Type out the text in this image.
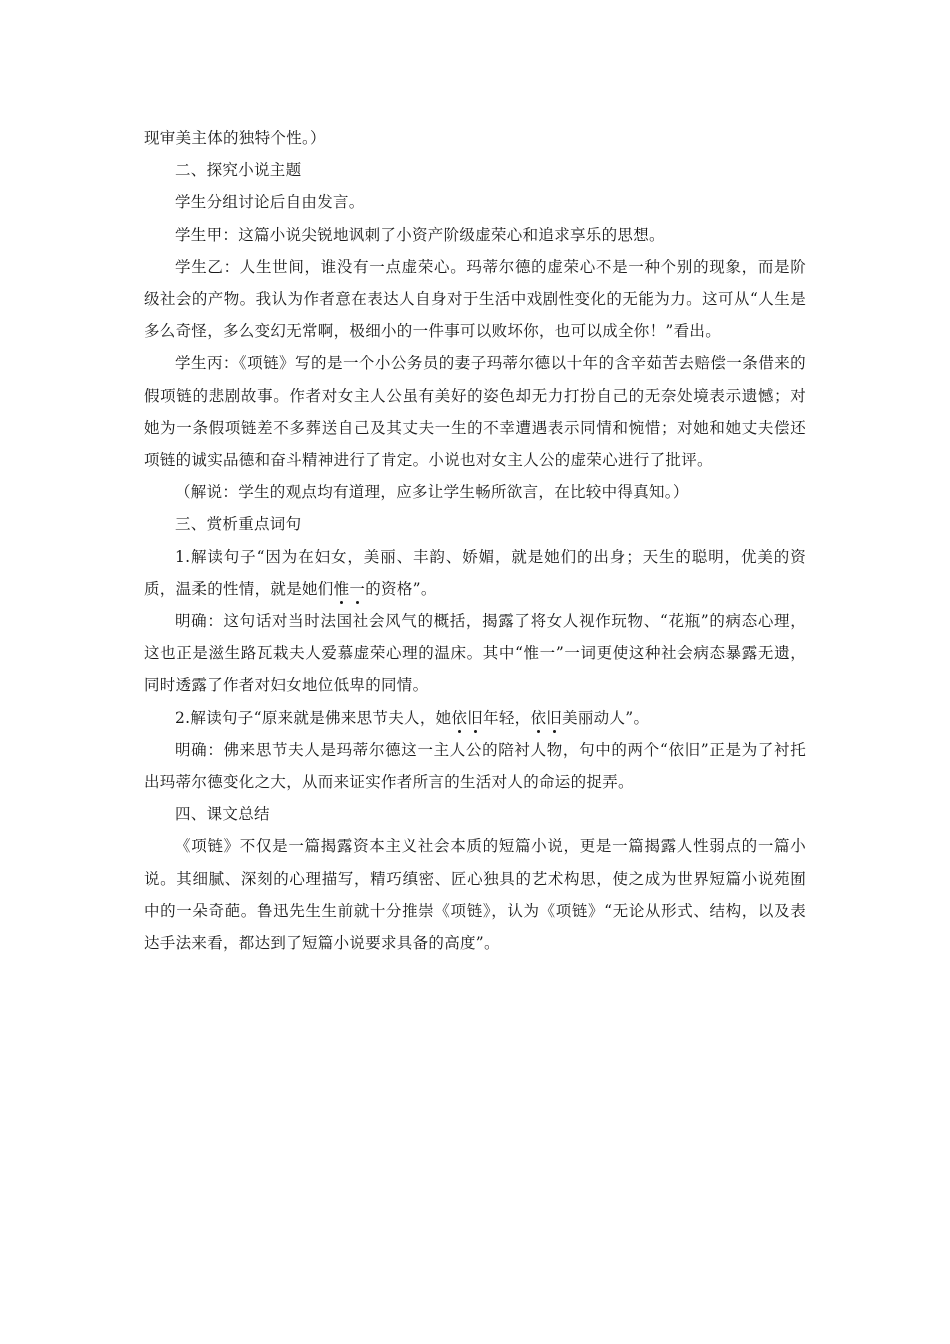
现审美主体的独特个性。）

二、探究小说主题

学生分组讨论后自由发言。

学生甲：这篇小说尖锐地讽刺了小资产阶级虚荣心和追求享乐的思想。

学生乙：人生世间，谁没有一点虚荣心。玛蒂尔德的虚荣心不是一种个别的现象，而是阶级社会的产物。我认为作者意在表达人自身对于生活中戏剧性变化的无能为力。这可从“人生是多么奇怪，多么变幻无常啊，极细小的一件事可以败坏你，也可以成全你！”看出。

学生丙：《项链》写的是一个小公务员的妻子玛蒂尔德以十年的含辛茹苦去赔偿一条借来的假项链的悲剧故事。作者对女主人公虽有美好的姿色却无力打扮自己的无奈处境表示遗憾；对她为一条假项链差不多葬送自己及其丈夫一生的不幸遭遇表示同情和惋惜；对她和她丈夫偿还项链的诚实品德和奋斗精神进行了肯定。小说也对女主人公的虚荣心进行了批评。

（解说：学生的观点均有道理，应多让学生畅所欲言，在比较中得真知。）

三、赏析重点词句

1.解读句子“因为在妇女，美丽、丰韵、娇媚，就是她们的出身；天生的聪明，优美的资质，温柔的性情，就是她们惟一的资格”。

明确：这句话对当时法国社会风气的概括，揭露了将女人视作玩物、“花瓶”的病态心理，这也正是滋生路瓦栽夫人爱慕虚荣心理的温床。其中“惟一”一词更使这种社会病态暴露无遗，同时透露了作者对妇女地位低卑的同情。

2.解读句子“原来就是佛来思节夫人，她依旧年轻，依旧美丽动人”。

明确：佛来思节夫人是玛蒂尔德这一主人公的陪衬人物，句中的两个“依旧”正是为了衬托出玛蒂尔德变化之大，从而来证实作者所言的生活对人的命运的捉弄。

四、课文总结

《项链》不仅是一篇揭露资本主义社会本质的短篇小说，更是一篇揭露人性弱点的一篇小说。其细腻、深刻的心理描写，精巧缜密、匠心独具的艺术构思，使之成为世界短篇小说苑囿中的一朵奇葩。鲁迅先生生前就十分推崇《项链》，认为《项链》“无论从形式、结构，以及表达手法来看，都达到了短篇小说要求具备的高度”。
